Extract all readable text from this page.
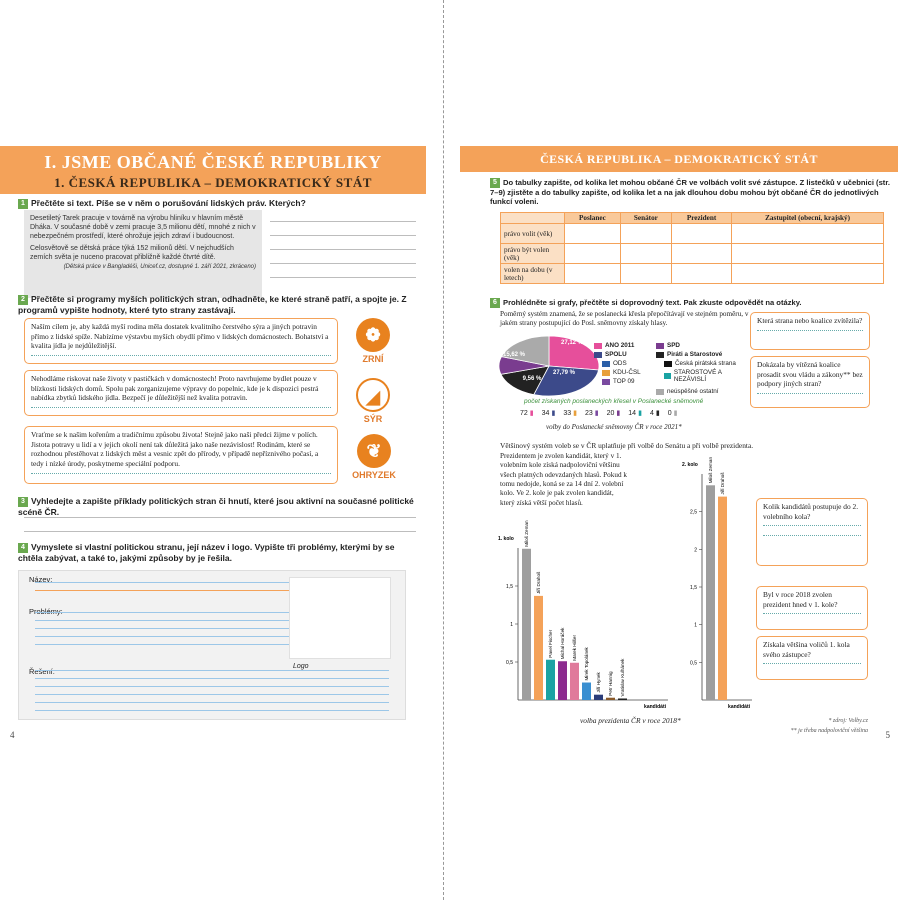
I. JSME OBČANÉ ČESKÉ REPUBLIKY
1. ČESKÁ REPUBLIKA – DEMOKRATICKÝ STÁT
1 Přečtěte si text. Píše se v něm o porušování lidských práv. Kterých?
Desetiletý Tarek pracuje v továrně na výrobu hliníku v hlavním městě Dháka. V současné době v zemi pracuje 3,5 milionu dětí, mnohé z nich v nebezpečném prostředí, které ohrožuje jejich zdraví i budoucnost.
Celosvětově se dětská práce týká 152 milionů dětí. V nejchudších zemích světa je nuceno pracovat přibližně každé čtvrté dítě.
(Dětská práce v Bangladéši, Unicef.cz, dostupné 1. září 2021, zkráceno)
2 Přečtěte si programy myších politických stran, odhadněte, ke které straně patří, a spojte je. Z programů vypište hodnoty, které tyto strany zastávají.
Naším cílem je, aby každá myší rodina měla dostatek kvalitního čerstvého sýra a jiných potravin přímo z lidské spíže. Nabízíme výstavbu myších obydlí přímo v lidských domácnostech. Bohatství a kvalita jídla je nejdůležitější.
Nehodláme riskovat naše životy v pastičkách v domácnostech! Proto navrhujeme bydlet pouze v blízkosti lidských domů. Spolu pak zorganizujeme výpravy do popelnic, kde je k dispozici pestrá nabídka zbytků lidského jídla. Bezpečí je důležitější než kvalita potravin.
Vraťme se k našim kořenům a tradičnímu způsobu života! Stejně jako naši předci žijme v polích. Jistota potravy u lidí a v jejich okolí není tak důležitá jako naše nezávislost! Rodinám, které se rozhodnou přestěhovat z lidských měst a vesnic zpět do přírody, v případě nepříznivého počasí, a tedy i nízké úrody, poskytneme speciální podporu.
❁
ZRNÍ
◢
SÝR
❦
OHRYZEK
3 Vyhledejte a zapište příklady politických stran či hnutí, které jsou aktivní na současné politické scéně ČR.
4 Vymyslete si vlastní politickou stranu, její název i logo. Vypište tři problémy, kterými by se chtěla zabývat, a také to, jakými způsoby by je řešila.
Název:
Problémy:
Řešení:
Logo
4
ČESKÁ REPUBLIKA – DEMOKRATICKÝ STÁT
5 Do tabulky zapište, od kolika let mohou občané ČR ve volbách volit své zástupce. Z listečků v učebnici (str. 7–9) zjistěte a do tabulky zapište, od kolika let a na jak dlouhou dobu mohou být občané ČR do jednotlivých funkcí voleni.
	Poslanec	Senátor	Prezident	Zastupitel (obecní, krajský)
právo volit (věk)				
právo být volen (věk)				
volen na dobu (v letech)				
6 Prohlédněte si grafy, přečtěte si doprovodný text. Pak zkuste odpovědět na otázky.
Poměrný systém znamená, že se poslanecká křesla přepočítávají ve stejném poměru, v jakém strany postupující do Posl. sněmovny získaly hlasy.
27,12 %
27,79 %
15,62 %
9,56 %
ANO 2011
SPOLU
ODS
KDU-ČSL
TOP 09
SPD
Piráti a Starostové
Česká pirátská strana
STAROSTOVÉ A NEZÁVISLÍ
neúspěšné ostatní
počet získaných poslaneckých křesel v Poslanecké sněmovně
72 ▮ 34 ▮ 33 ▮ 23 ▮ 20 ▮ 14 ▮ 4 ▮ 0 ▮
volby do Poslanecké sněmovny ČR v roce 2021*
Která strana nebo koalice zvítězila?
Dokázala by vítězná koalice prosadit svou vládu a zákony** bez podpory jiných stran?
Většinový systém voleb se v ČR uplatňuje při volbě do Senátu a při volbě prezidenta.
Prezidentem je zvolen kandidát, který v 1. volebním kole získá nadpoloviční většinu všech platných odevzdaných hlasů. Pokud k tomu nedojde, koná se za 14 dní 2. volební kolo. Ve 2. kole je pak zvolen kandidát, který získá větší počet hlasů.
1. kolo
0,5
1
1,5
Miloš Zeman
Jiří Drahoš
Pavel Fischer Michal Horáček Marek Hilšer Mirek Topolánek
Jiří Hynek Petr Hannig Vratislav Kulhánek
kandidáti
2. kolo
0,5
1
1,5
2
2,5
Miloš Zeman
Jiří Drahoš
kandidáti
Kolik kandidátů postupuje do 2. volebního kola?
Byl v roce 2018 zvolen prezident hned v 1. kole?
Získala většina voličů 1. kola svého zástupce?
volba prezidenta ČR v roce 2018*	* zdroj: Volby.cz
** je třeba nadpoloviční většina 5
